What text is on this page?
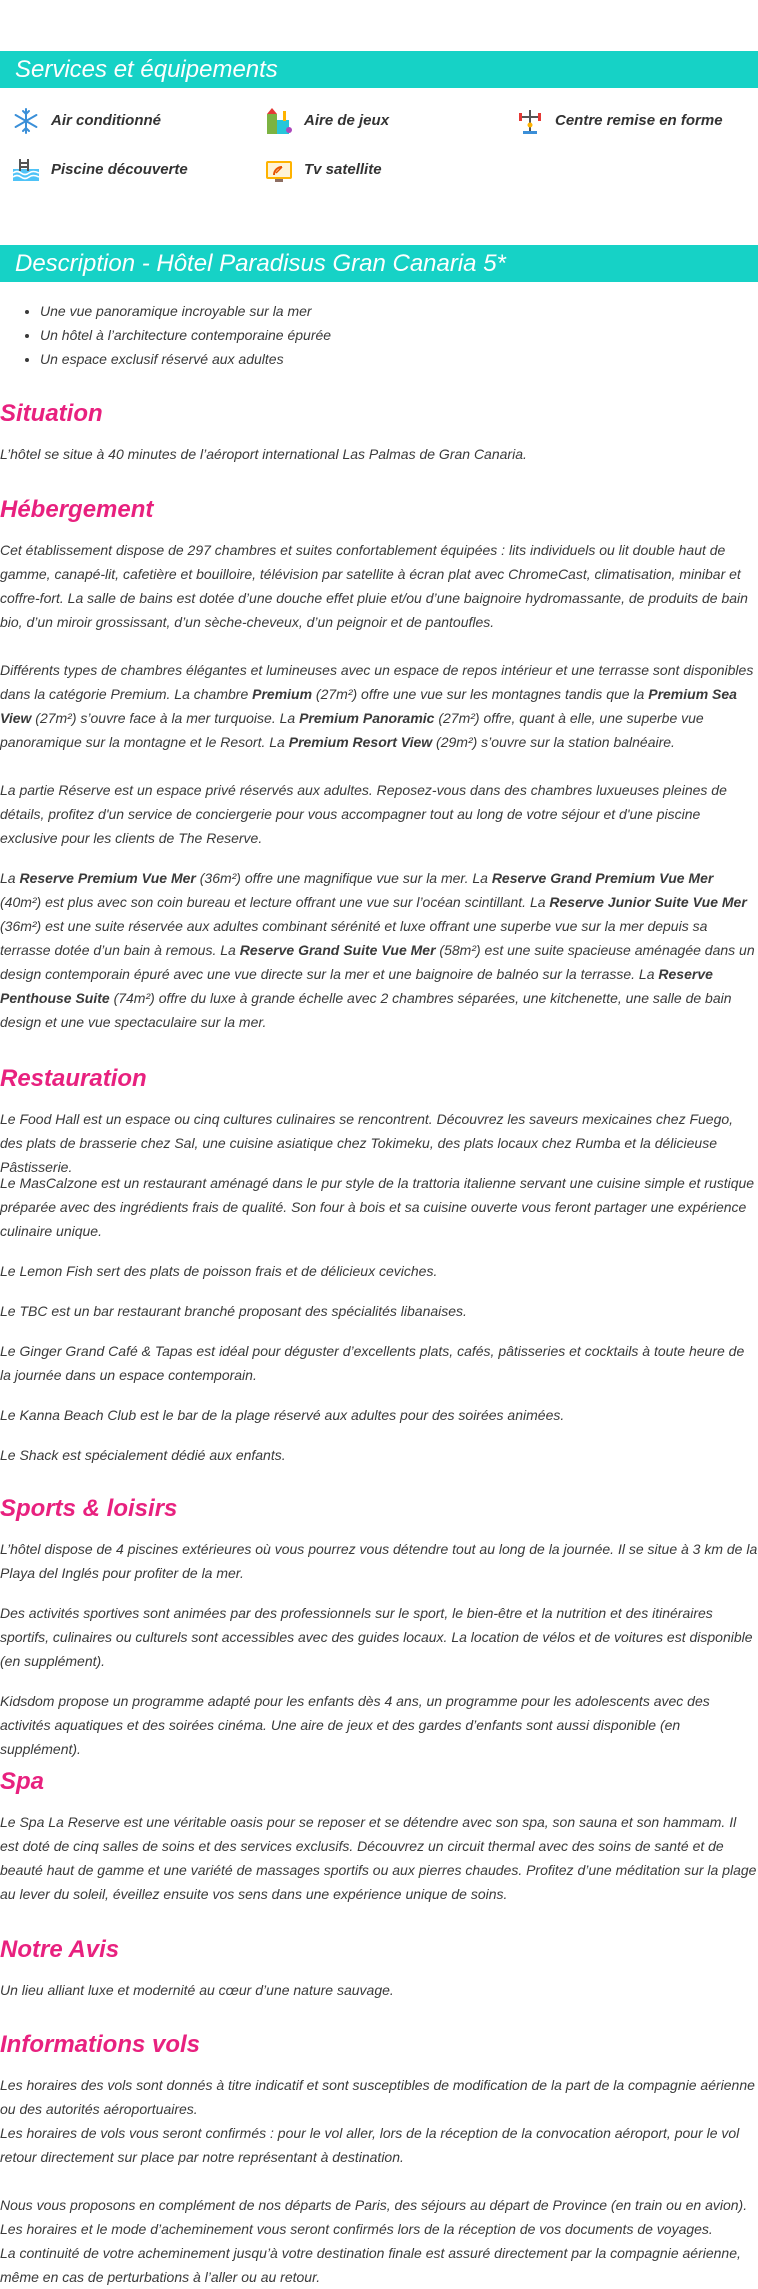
Services et équipements
Air conditionné	Aire de jeux	Centre remise en forme
Piscine découverte	Tv satellite
Description - Hôtel Paradisus Gran Canaria 5*
• Une vue panoramique incroyable sur la mer
• Un hôtel à l’architecture contemporaine épurée
• Un espace exclusif réservé aux adultes
Situation

L’hôtel se situe à 40 minutes de l’aéroport international Las Palmas de Gran Canaria.

Hébergement

Cet établissement dispose de 297 chambres et suites confortablement équipées : lits individuels ou lit double haut de gamme, canapé-lit, cafetière et bouilloire, télévision par satellite à écran plat avec ChromeCast, climatisation, minibar et coffre-fort. La salle de bains est dotée d’une douche effet pluie et/ou d’une baignoire hydromassante, de produits de bain bio, d’un miroir grossissant, d’un sèche-cheveux, d’un peignoir et de pantoufles.

Différents types de chambres élégantes et lumineuses avec un espace de repos intérieur et une terrasse sont disponibles dans la catégorie Premium. La chambre Premium (27m²) offre une vue sur les montagnes tandis que la Premium Sea View (27m²) s’ouvre face à la mer turquoise. La Premium Panoramic (27m²) offre, quant à elle, une superbe vue panoramique sur la montagne et le Resort. La Premium Resort View (29m²) s’ouvre sur la station balnéaire.

La partie Réserve est un espace privé réservés aux adultes. Reposez-vous dans des chambres luxueuses pleines de détails, profitez d'un service de conciergerie pour vous accompagner tout au long de votre séjour et d'une piscine exclusive pour les clients de The Reserve.

La Reserve Premium Vue Mer (36m²) offre une magnifique vue sur la mer. La Reserve Grand Premium Vue Mer (40m²) est plus avec son coin bureau et lecture offrant une vue sur l’océan scintillant. La Reserve Junior Suite Vue Mer (36m²) est une suite réservée aux adultes combinant sérénité et luxe offrant une superbe vue sur la mer depuis sa terrasse dotée d’un bain à remous. La Reserve Grand Suite Vue Mer (58m²) est une suite spacieuse aménagée dans un design contemporain épuré avec une vue directe sur la mer et une baignoire de balnéo sur la terrasse. La Reserve Penthouse Suite (74m²) offre du luxe à grande échelle avec 2 chambres séparées, une kitchenette, une salle de bain design et une vue spectaculaire sur la mer.

Restauration

Le Food Hall est un espace ou cinq cultures culinaires se rencontrent. Découvrez les saveurs mexicaines chez Fuego, des plats de brasserie chez Sal, une cuisine asiatique chez Tokimeku, des plats locaux chez Rumba et la délicieuse Pâstisserie.

Le MasCalzone est un restaurant aménagé dans le pur style de la trattoria italienne servant une cuisine simple et rustique préparée avec des ingrédients frais de qualité. Son four à bois et sa cuisine ouverte vous feront partager une expérience culinaire unique.

Le Lemon Fish sert des plats de poisson frais et de délicieux ceviches.

Le TBC est un bar restaurant branché proposant des spécialités libanaises.

Le Ginger Grand Café & Tapas est idéal pour déguster d’excellents plats, cafés, pâtisseries et cocktails à toute heure de la journée dans un espace contemporain.

Le Kanna Beach Club est le bar de la plage réservé aux adultes pour des soirées animées.

Le Shack est spécialement dédié aux enfants.

Sports & loisirs

L’hôtel dispose de 4 piscines extérieures où vous pourrez vous détendre tout au long de la journée. Il se situe à 3 km de la Playa del Inglés pour profiter de la mer.

Des activités sportives sont animées par des professionnels sur le sport, le bien-être et la nutrition et des itinéraires sportifs, culinaires ou culturels sont accessibles avec des guides locaux. La location de vélos et de voitures est disponible (en supplément).

Kidsdom propose un programme adapté pour les enfants dès 4 ans, un programme pour les adolescents avec des activités aquatiques et des soirées cinéma. Une aire de jeux et des gardes d’enfants sont aussi disponible (en supplément).

Spa

Le Spa La Reserve est une véritable oasis pour se reposer et se détendre avec son spa, son sauna et son hammam. Il est doté de cinq salles de soins et des services exclusifs. Découvrez un circuit thermal avec des soins de santé et de beauté haut de gamme et une variété de massages sportifs ou aux pierres chaudes. Profitez d’une méditation sur la plage au lever du soleil, éveillez ensuite vos sens dans une expérience unique de soins.

Notre Avis

Un lieu alliant luxe et modernité au cœur d’une nature sauvage.

Informations vols

Les horaires des vols sont donnés à titre indicatif et sont susceptibles de modification de la part de la compagnie aérienne ou des autorités aéroportuaires.
Les horaires de vols vous seront confirmés : pour le vol aller, lors de la réception de la convocation aéroport, pour le vol retour directement sur place par notre représentant à destination.

Nous vous proposons en complément de nos départs de Paris, des séjours au départ de Province (en train ou en avion).
Les horaires et le mode d’acheminement vous seront confirmés lors de la réception de vos documents de voyages.
La continuité de votre acheminement jusqu’à votre destination finale est assuré directement par la compagnie aérienne, même en cas de perturbations à l’aller ou au retour.
